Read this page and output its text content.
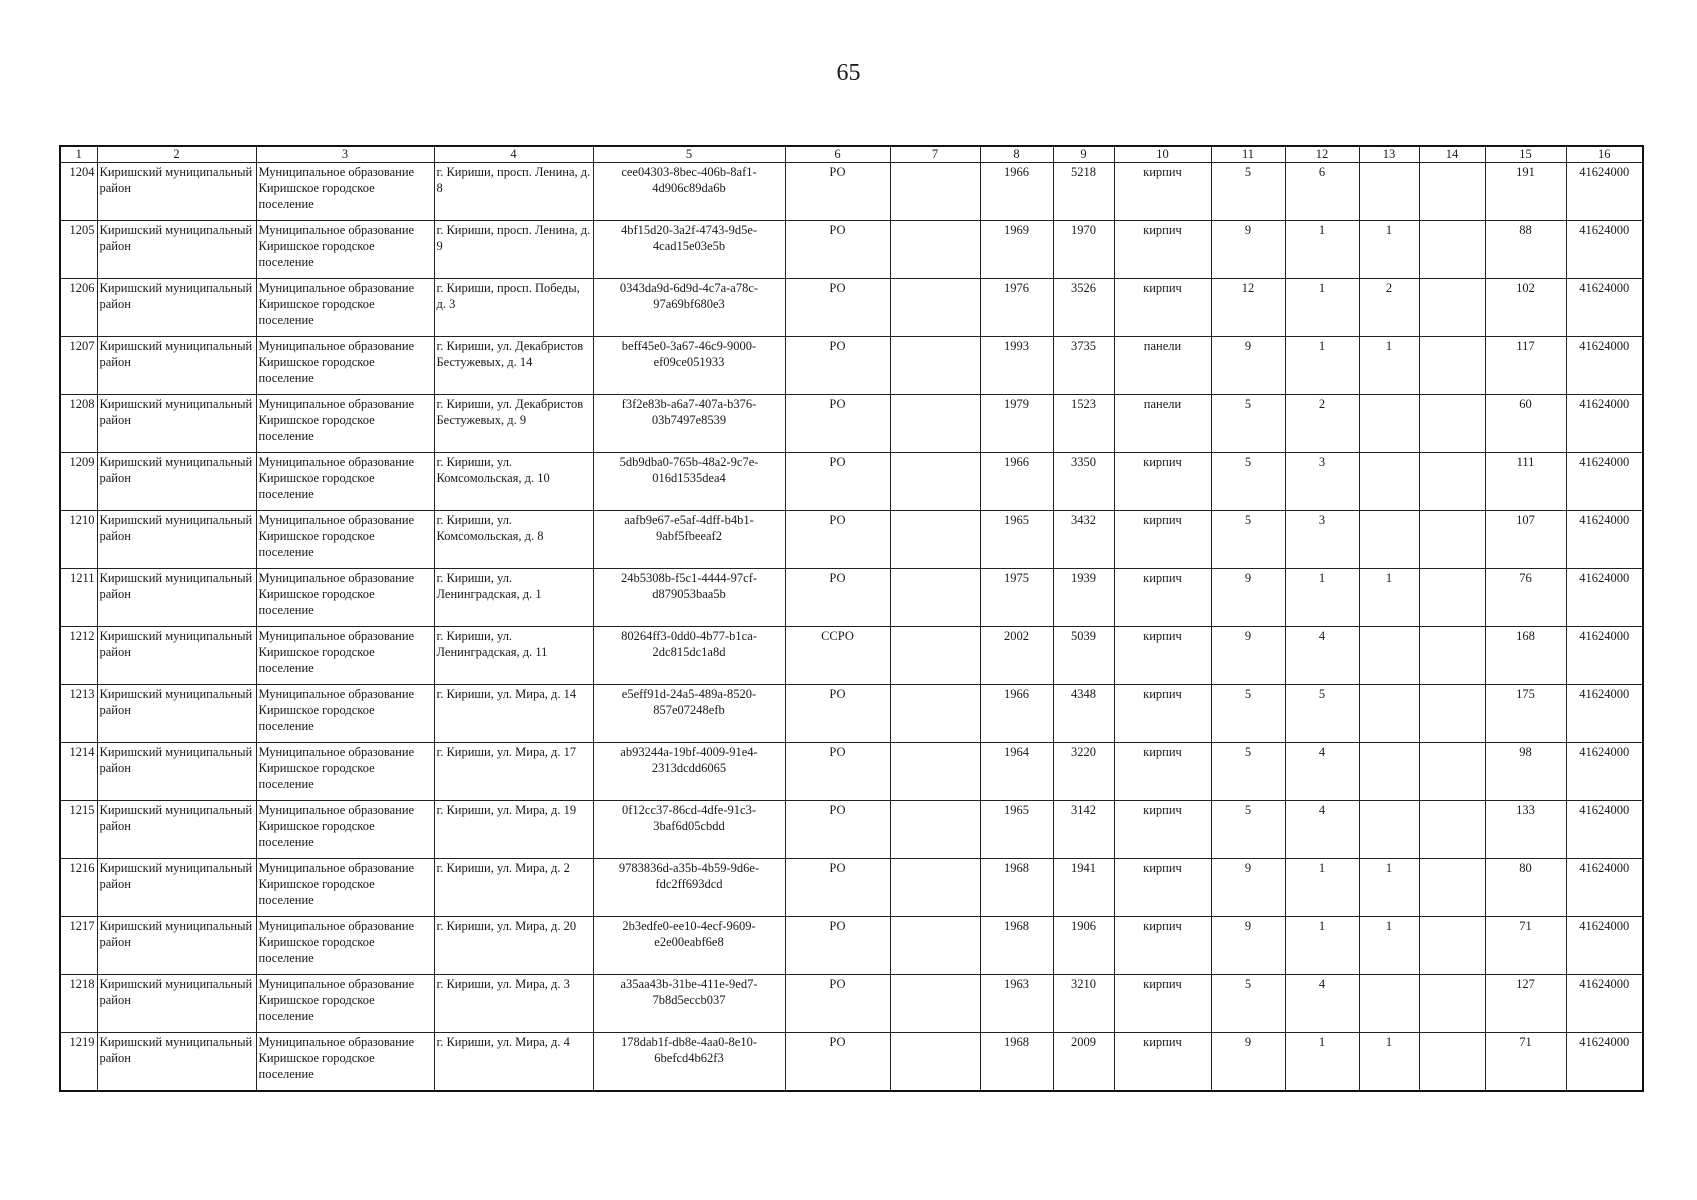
65
1	2	3	4	5	6	7	8	9	10	11	12	13	14	15	16
1204	Киришский муниципальный район	Муниципальное образование Киришское городское поселение	г. Кириши, просп. Ленина, д. 8	cee04303-8bec-406b-8af1-4d906c89da6b	РО		1966	5218	кирпич	5	6			191	41624000
1205	Киришский муниципальный район	Муниципальное образование Киришское городское поселение	г. Кириши, просп. Ленина, д. 9	4bf15d20-3a2f-4743-9d5e-4cad15e03e5b	РО		1969	1970	кирпич	9	1	1		88	41624000
1206	Киришский муниципальный район	Муниципальное образование Киришское городское поселение	г. Кириши, просп. Победы, д. 3	0343da9d-6d9d-4c7a-a78c-97a69bf680e3	РО		1976	3526	кирпич	12	1	2		102	41624000
1207	Киришский муниципальный район	Муниципальное образование Киришское городское поселение	г. Кириши, ул. Декабристов Бестужевых, д. 14	beff45e0-3a67-46c9-9000-ef09ce051933	РО		1993	3735	панели	9	1	1		117	41624000
1208	Киришский муниципальный район	Муниципальное образование Киришское городское поселение	г. Кириши, ул. Декабристов Бестужевых, д. 9	f3f2e83b-a6a7-407a-b376-03b7497e8539	РО		1979	1523	панели	5	2			60	41624000
1209	Киришский муниципальный район	Муниципальное образование Киришское городское поселение	г. Кириши, ул. Комсомольская, д. 10	5db9dba0-765b-48a2-9c7e-016d1535dea4	РО		1966	3350	кирпич	5	3			111	41624000
1210	Киришский муниципальный район	Муниципальное образование Киришское городское поселение	г. Кириши, ул. Комсомольская, д. 8	aafb9e67-e5af-4dff-b4b1-9abf5fbeeaf2	РО		1965	3432	кирпич	5	3			107	41624000
1211	Киришский муниципальный район	Муниципальное образование Киришское городское поселение	г. Кириши, ул. Ленинградская, д. 1	24b5308b-f5c1-4444-97cf-d879053baa5b	РО		1975	1939	кирпич	9	1	1		76	41624000
1212	Киришский муниципальный район	Муниципальное образование Киришское городское поселение	г. Кириши, ул. Ленинградская, д. 11	80264ff3-0dd0-4b77-b1ca-2dc815dc1a8d	ССРО		2002	5039	кирпич	9	4			168	41624000
1213	Киришский муниципальный район	Муниципальное образование Киришское городское поселение	г. Кириши, ул. Мира, д. 14	e5eff91d-24a5-489a-8520-857e07248efb	РО		1966	4348	кирпич	5	5			175	41624000
1214	Киришский муниципальный район	Муниципальное образование Киришское городское поселение	г. Кириши, ул. Мира, д. 17	ab93244a-19bf-4009-91e4-2313dcdd6065	РО		1964	3220	кирпич	5	4			98	41624000
1215	Киришский муниципальный район	Муниципальное образование Киришское городское поселение	г. Кириши, ул. Мира, д. 19	0f12cc37-86cd-4dfe-91c3-3baf6d05cbdd	РО		1965	3142	кирпич	5	4			133	41624000
1216	Киришский муниципальный район	Муниципальное образование Киришское городское поселение	г. Кириши, ул. Мира, д. 2	9783836d-a35b-4b59-9d6e-fdc2ff693dcd	РО		1968	1941	кирпич	9	1	1		80	41624000
1217	Киришский муниципальный район	Муниципальное образование Киришское городское поселение	г. Кириши, ул. Мира, д. 20	2b3edfe0-ee10-4ecf-9609-e2e00eabf6e8	РО		1968	1906	кирпич	9	1	1		71	41624000
1218	Киришский муниципальный район	Муниципальное образование Киришское городское поселение	г. Кириши, ул. Мира, д. 3	a35aa43b-31be-411e-9ed7-7b8d5eccb037	РО		1963	3210	кирпич	5	4			127	41624000
1219	Киришский муниципальный район	Муниципальное образование Киришское городское поселение	г. Кириши, ул. Мира, д. 4	178dab1f-db8e-4aa0-8e10-6befcd4b62f3	РО		1968	2009	кирпич	9	1	1		71	41624000
